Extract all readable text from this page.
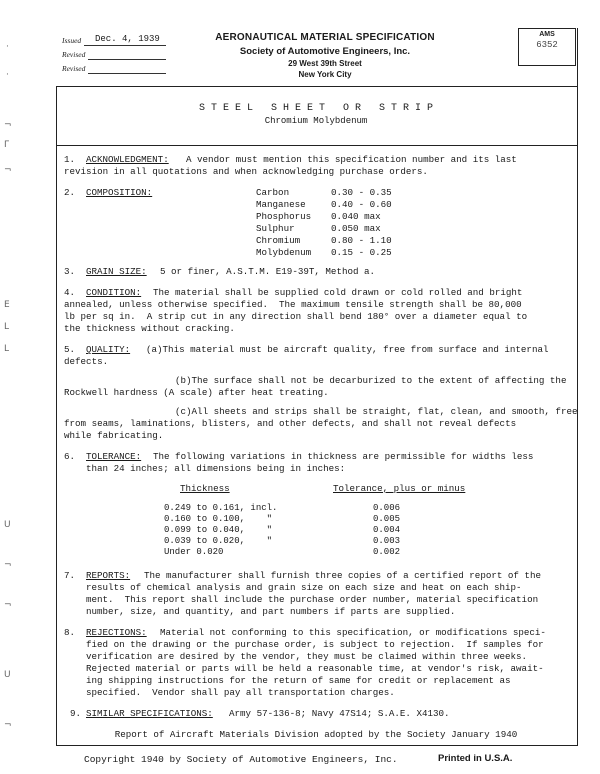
·
·
¬
ᒥ
¬
E
ᒪ
ᒪ
ᑌ
¬
¬
ᑌ
¬
Issued Dec. 4, 1939
Revised
Revised
AERONAUTICAL MATERIAL SPECIFICATION
Society of Automotive Engineers, Inc.
29 West 39th Street
New York City
AMS
6352
S T E E L   S H E E T   O R   S T R I P
Chromium Molybdenum
1. ACKNOWLEDGMENT: A vendor must mention this specification number and its last
revision in all quotations and when acknowledging purchase orders.
2. COMPOSITION:	Carbon	0.30 - 0.35
Manganese	0.40 - 0.60
Phosphorus 0.040 max
Sulphur	0.050 max
Chromium	0.80 - 1.10
Molybdenum 0.15 - 0.25
3. GRAIN SIZE: 5 or finer, A.S.T.M. E19-39T, Method a.
4. CONDITION: The material shall be supplied cold drawn or cold rolled and bright
annealed, unless otherwise specified.  The maximum tensile strength shall be 80,000
lb per sq in.  A strip cut in any direction shall bend 180° over a diameter equal to
the thickness without cracking.
5. QUALITY: (a)This material must be aircraft quality, free from surface and internal
defects.
(b)The surface shall not be decarburized to the extent of affecting the
Rockwell hardness (A scale) after heat treating.
(c)All sheets and strips shall be straight, flat, clean, and smooth, free
from seams, laminations, blisters, and other defects, and shall not reveal defects
while fabricating.
6. TOLERANCE: The following variations in thickness are permissible for widths less
than 24 inches; all dimensions being in inches:
Thickness	Tolerance, plus or minus
0.249 to 0.161, incl.	0.006
0.160 to 0.100,    "	0.005
0.099 to 0.040,    "	0.004
0.039 to 0.020,    "	0.003
Under 0.020	0.002
7. REPORTS: The manufacturer shall furnish three copies of a certified report of the
results of chemical analysis and grain size on each size and heat on each ship-
ment.  This report shall include the purchase order number, material specification
number, size, and quantity, and part numbers if parts are supplied.
8. REJECTIONS: Material not conforming to this specification, or modifications speci-
fied on the drawing or the purchase order, is subject to rejection.  If samples for
verification are desired by the vendor, they must be claimed within three weeks.
Rejected material or parts will be held a reasonable time, at vendor's risk, await-
ing shipping instructions for the return of same for credit or replacement as
specified.  Vendor shall pay all transportation charges.
9. SIMILAR SPECIFICATIONS: Army 57-136-8; Navy 47S14; S.A.E. X4130.
Report of Aircraft Materials Division adopted by the Society January 1940
Copyright 1940 by Society of Automotive Engineers, Inc.	Printed in U.S.A.
